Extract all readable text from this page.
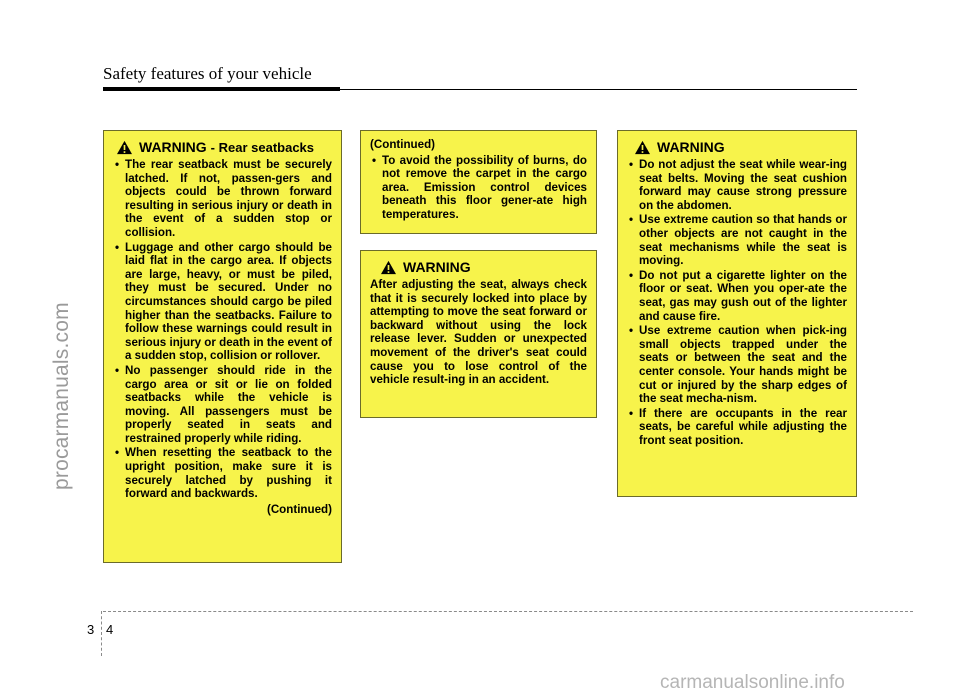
procarmanuals.com
Safety features of your vehicle
WARNING - Rear seatbacks
• The rear seatback must be securely latched. If not, passen-gers and objects could be thrown forward resulting in serious injury or death in the event of a sudden stop or collision.
• Luggage and other cargo should be laid flat in the cargo area. If objects are large, heavy, or must be piled, they must be secured. Under no circumstances should cargo be piled higher than the seatbacks. Failure to follow these warnings could result in serious injury or death in the event of a sudden stop, collision or rollover.
• No passenger should ride in the cargo area or sit or lie on folded seatbacks while the vehicle is moving. All passengers must be properly seated in seats and restrained properly while riding.
• When resetting the seatback to the upright position, make sure it is securely latched by pushing it forward and backwards.
(Continued)
(Continued)
• To avoid the possibility of burns, do not remove the carpet in the cargo area. Emission control devices beneath this floor gener-ate high temperatures.
WARNING

After adjusting the seat, always check that it is securely locked into place by attempting to move the seat forward or backward without using the lock release lever. Sudden or unexpected movement of the driver's seat could cause you to lose control of the vehicle result-ing in an accident.

WARNING
• Do not adjust the seat while wear-ing seat belts. Moving the seat cushion forward may cause strong pressure on the abdomen.
• Use extreme caution so that hands or other objects are not caught in the seat mechanisms while the seat is moving.
• Do not put a cigarette lighter on the floor or seat. When you oper-ate the seat, gas may gush out of the lighter and cause fire.
• Use extreme caution when pick-ing small objects trapped under the seats or between the seat and the center console. Your hands might be cut or injured by the sharp edges of the seat mecha-nism.
• If there are occupants in the rear seats, be careful while adjusting the front seat position.
3 4
carmanualsonline.info
